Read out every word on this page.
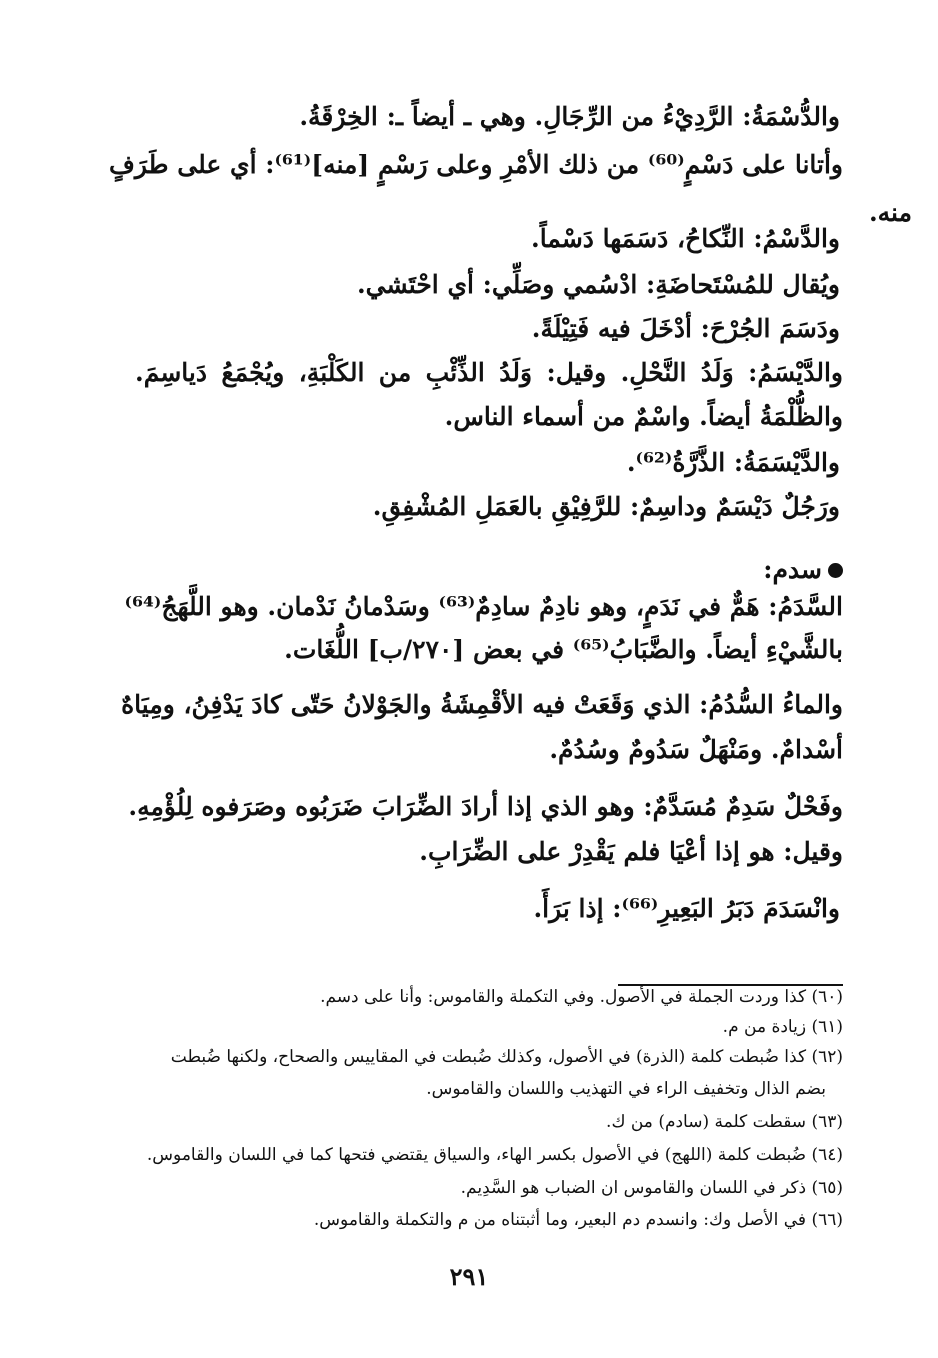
والدُّسْمَةُ: الرَّدِيْءُ من الرِّجَالِ. وهي ـ أيضاً ـ: الخِرْقَةُ.
وأتانا على دَسْمٍ⁽⁶⁰⁾ من ذلك الأمْرِ وعلى رَسْمٍ [منه]⁽⁶¹⁾: أي على طَرَفٍ
منه.
والدَّسْمُ: النِّكاحُ، دَسَمَها دَسْماً.
ويُقال للمُسْتَحاضَةِ: ادْسُمي وصَلِّي: أي احْتَشي.
ودَسَمَ الجُرْحَ: أدْخَلَ فيه فَتِيْلَةً.
والدَّيْسَمُ: وَلَدُ النَّحْلِ. وقيل: وَلَدُ الذِّئْبِ من الكَلْبَةِ، ويُجْمَعُ دَياسِمَ.
والظُّلْمَةُ أيضاً. واسْمٌ من أسماء الناس.
والدَّيْسَمَةُ: الذَّرَّةُ⁽⁶²⁾.
ورَجُلٌ دَيْسَمٌ وداسِمٌ: للرَّفِيْقِ بالعَمَلِ المُشْفِقِ.
سدم:
السَّدَمُ: هَمٌّ في نَدَمٍ، وهو نادِمٌ سادِمٌ⁽⁶³⁾ وسَدْمانُ نَدْمان. وهو اللَّهَجُ⁽⁶⁴⁾
بالشَّيْءِ أيضاً. والضَّبَابُ⁽⁶⁵⁾ في بعض [٢٧٠/ب] اللُّغَات.
والماءُ السُّدُمُ: الذي وَقَعَتْ فيه الأقْمِشَةُ والجَوْلانُ حَتّى كادَ يَدْفِنُ، ومِيَاهٌ
أسْدامٌ. ومَنْهَلٌ سَدُومٌ وسُدُمٌ.
وفَحْلٌ سَدِمٌ مُسَدَّمٌ: وهو الذي إذا أرادَ الضِّرَابَ ضَرَبُوه وصَرَفوه لِلُؤْمِهِ.
وقيل: هو إذا أعْيَا فلم يَقْدِرْ على الضِّرَابِ.
وانْسَدَمَ دَبَرُ البَعِيرِ⁽⁶⁶⁾: إذا بَرَأَ.
(٦٠) كذا وردت الجملة في الأصول. وفي التكملة والقاموس: وأنا على دسم.
(٦١) زيادة من م.
(٦٢) كذا ضُبطت كلمة (الذرة) في الأصول، وكذلك ضُبطت في المقاييس والصحاح، ولكنها ضُبطت
بضم الذال وتخفيف الراء في التهذيب واللسان والقاموس.
(٦٣) سقطت كلمة (سادم) من ك.
(٦٤) ضُبطت كلمة (اللهج) في الأصول بكسر الهاء، والسياق يقتضي فتحها كما في اللسان والقاموس.
(٦٥) ذكر في اللسان والقاموس ان الضباب هو السَّدِيم.
(٦٦) في الأصل وك: وانسدم دم البعير، وما أثبتناه من م والتكملة والقاموس.
٢٩١
